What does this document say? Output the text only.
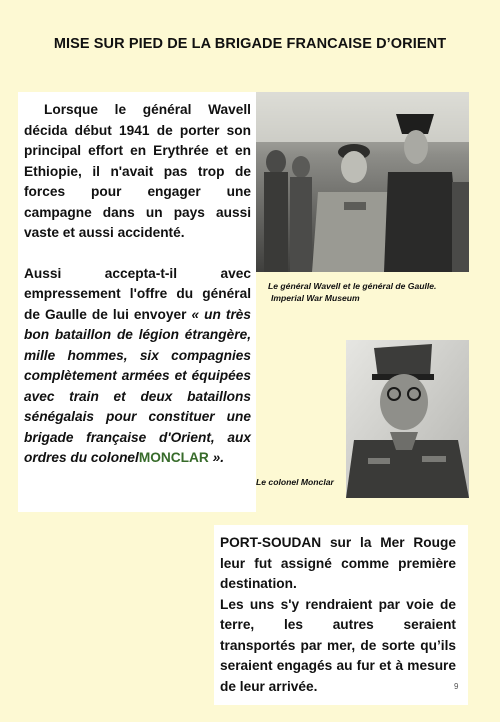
MISE SUR PIED DE LA BRIGADE FRANCAISE D’ORIENT

Lorsque le général Wavell décida début 1941 de porter son principal effort en Erythrée et en Ethiopie, il n'avait pas trop de forces pour engager une campagne dans un pays aussi vaste et aussi accidenté.

Aussi accepta-t-il avec empressement l'offre du général de Gaulle de lui envoyer « un très bon bataillon de légion étrangère, mille hommes, six compagnies complètement armées et équipées avec train et deux bataillons sénégalais pour constituer une brigade française d'Orient, aux ordres du colonelMONCLAR ».

Le général Wavell et le général de Gaulle.
Imperial War Museum
Le colonel Monclar

PORT-SOUDAN sur la Mer Rouge leur fut assigné comme première destination.
Les uns s'y rendraient par voie de terre, les autres seraient transportés par mer, de sorte qu’ils seraient engagés au fur et à mesure de leur arrivée.	9
